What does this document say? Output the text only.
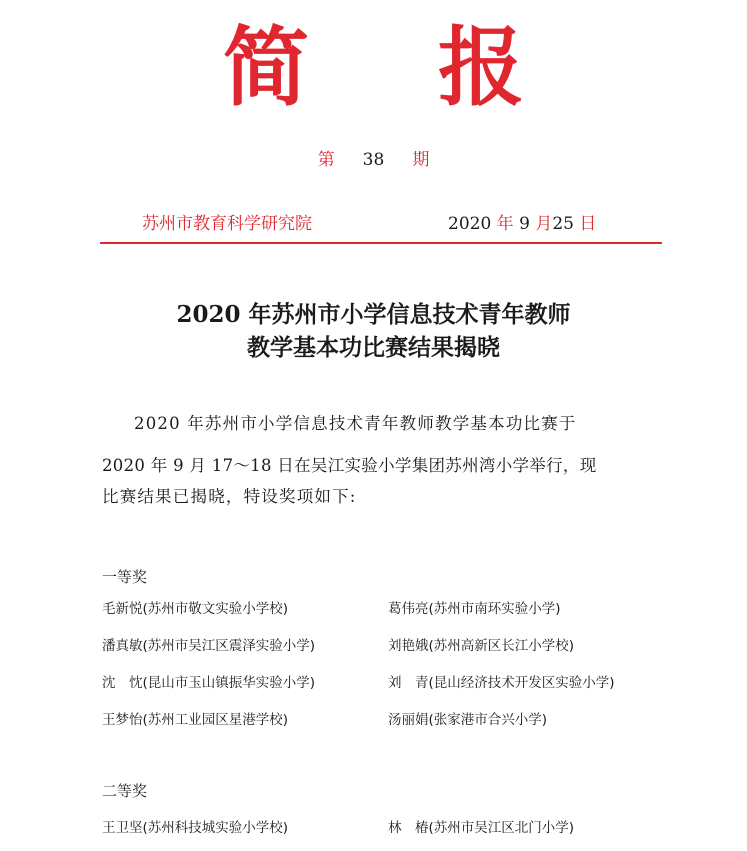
简 报
第 38 期
苏州市教育科学研究院	2020 年 9 月25 日
2020 年苏州市小学信息技术青年教师
教学基本功比赛结果揭晓
2020 年苏州市小学信息技术青年教师教学基本功比赛于
2020 年 9 月 17～18 日在吴江实验小学集团苏州湾小学举行，现
比赛结果已揭晓，特设奖项如下:
一等奖
毛新悦(苏州市敬文实验小学校)	葛伟亮(苏州市南环实验小学)
潘真敏(苏州市吴江区震泽实验小学)	刘艳娥(苏州高新区长江小学校)
沈　忱(昆山市玉山镇振华实验小学)	刘　青(昆山经济技术开发区实验小学)
王梦怡(苏州工业园区星港学校)	汤丽娟(张家港市合兴小学)
二等奖
王卫坚(苏州科技城实验小学校)	林　椿(苏州市吴江区北门小学)
